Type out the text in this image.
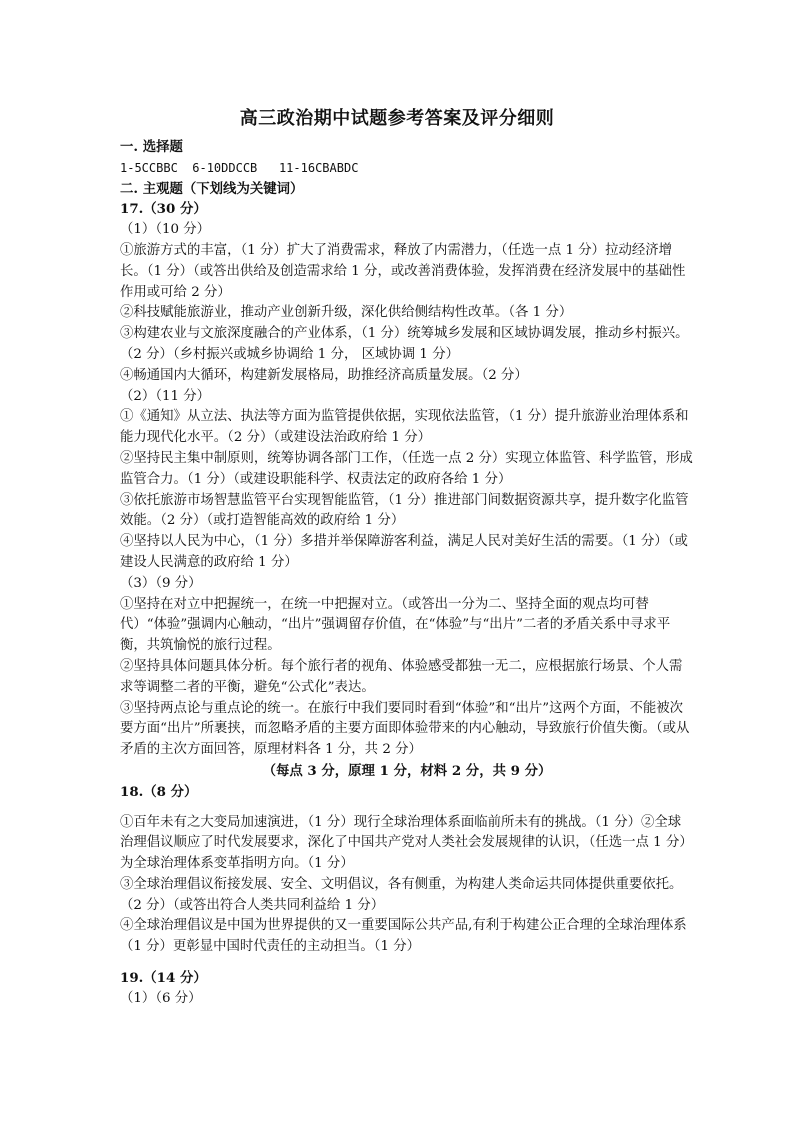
高三政治期中试题参考答案及评分细则

一. 选择题

1-5CCBBC  6-10DDCCB   11-16CBABDC

二. 主观题（下划线为关键词）

17.（30 分）

（1）（10 分）

①旅游方式的丰富，（1 分）扩大了消费需求，释放了内需潜力，（任选一点 1 分）拉动经济增长。（1 分）（或答出供给及创造需求给 1 分，或改善消费体验，发挥消费在经济发展中的基础性作用或可给 2 分）

②科技赋能旅游业，推动产业创新升级，深化供给侧结构性改革。（各 1 分）

③构建农业与文旅深度融合的产业体系，（1 分）统筹城乡发展和区域协调发展，推动乡村振兴。（2 分）（乡村振兴或城乡协调给 1 分， 区域协调 1 分）

④畅通国内大循环，构建新发展格局，助推经济高质量发展。（2 分）

（2）（11 分）

①《通知》从立法、执法等方面为监管提供依据，实现依法监管，（1 分）提升旅游业治理体系和能力现代化水平。（2 分）（或建设法治政府给 1 分）

②坚持民主集中制原则，统筹协调各部门工作，（任选一点 2 分）实现立体监管、科学监管，形成监管合力。（1 分）（或建设职能科学、权责法定的政府各给 1 分）

③依托旅游市场智慧监管平台实现智能监管，（1 分）推进部门间数据资源共享，提升数字化监管效能。（2 分）（或打造智能高效的政府给 1 分）

④坚持以人民为中心，（1 分）多措并举保障游客利益，满足人民对美好生活的需要。（1 分）（或建设人民满意的政府给 1 分）

（3）（9 分）

①坚持在对立中把握统一，在统一中把握对立。（或答出一分为二、坚持全面的观点均可替代）“体验”强调内心触动，“出片”强调留存价值，在“体验”与“出片”二者的矛盾关系中寻求平衡，共筑愉悦的旅行过程。

②坚持具体问题具体分析。每个旅行者的视角、体验感受都独一无二，应根据旅行场景、个人需求等调整二者的平衡，避免“公式化”表达。

③坚持两点论与重点论的统一。在旅行中我们要同时看到“体验”和“出片”这两个方面，不能被次要方面“出片”所裹挟，而忽略矛盾的主要方面即体验带来的内心触动，导致旅行价值失衡。（或从矛盾的主次方面回答，原理材料各 1 分，共 2 分）

（每点 3 分，原理 1 分，材料 2 分，共 9 分）

18.（8 分）

①百年未有之大变局加速演进，（1 分）现行全球治理体系面临前所未有的挑战。（1 分）②全球治理倡议顺应了时代发展要求，深化了中国共产党对人类社会发展规律的认识，（任选一点 1 分）为全球治理体系变革指明方向。（1 分）

③全球治理倡议衔接发展、安全、文明倡议，各有侧重，为构建人类命运共同体提供重要依托。（2 分）（或答出符合人类共同利益给 1 分）

④全球治理倡议是中国为世界提供的又一重要国际公共产品,有利于构建公正合理的全球治理体系（1 分）更彰显中国时代责任的主动担当。（1 分）

19.（14 分）

（1）（6 分）
